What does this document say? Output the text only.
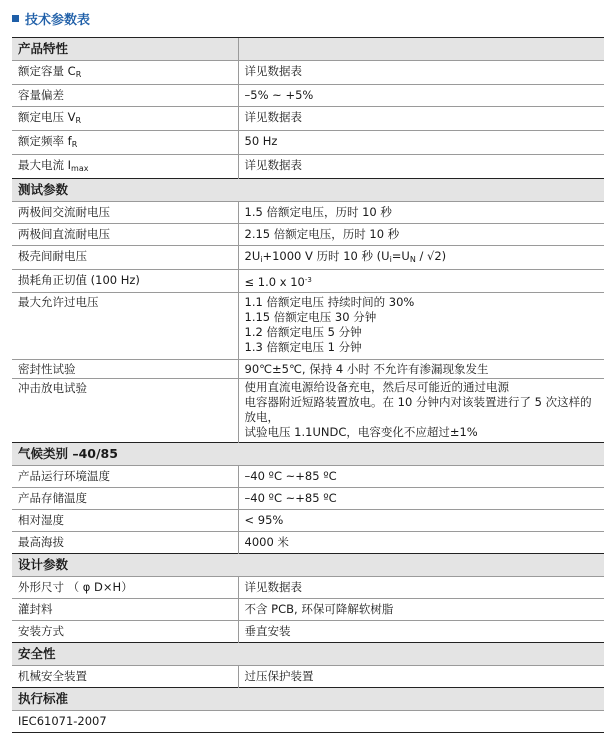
技术参数表
产品特性	
额定容量 $C_R$	详见数据表
容量偏差	–5% ~ +5%
额定电压 $V_R$	详见数据表
额定频率 $f_R$	50 Hz
最大电流 $I_{max}$	详见数据表
测试参数	
两极间交流耐电压	1.5 倍额定电压，历时 10 秒
两极间直流耐电压	2.15 倍额定电压，历时 10 秒
极壳间耐电压	$2U_i+1000$ V 历时 10 秒 $(U_i=U_N / √2)$
损耗角正切值 (100 Hz)	≤ 1.0 x $10^{-3}$
最大允许过电压	1.1 倍额定电压 持续时间的 30%
1.15 倍额定电压 30 分钟
1.2 倍额定电压 5 分钟
1.3 倍额定电压 1 分钟

密封性试验	90℃±5℃, 保持 4 小时 不允许有渗漏现象发生
冲击放电试验	使用直流电源给设备充电，然后尽可能近的通过电源
电容器附近短路装置放电。在 10 分钟内对该装置进行了 5 次这样的
放电，
试验电压 1.1UNDC，电容变化不应超过±1%

气候类别 –40/85	
产品运行环境温度	–40 ºC ~+85 ºC
产品存储温度	–40 ºC ~+85 ºC
相对湿度	< 95%
最高海拔	4000 米
设计参数	
外形尺寸 （ φ D×H）	详见数据表
灌封料	不含 PCB, 环保可降解软树脂
安装方式	垂直安装
安全性	
机械安全装置	过压保护装置
执行标准	
IEC61071-2007	
